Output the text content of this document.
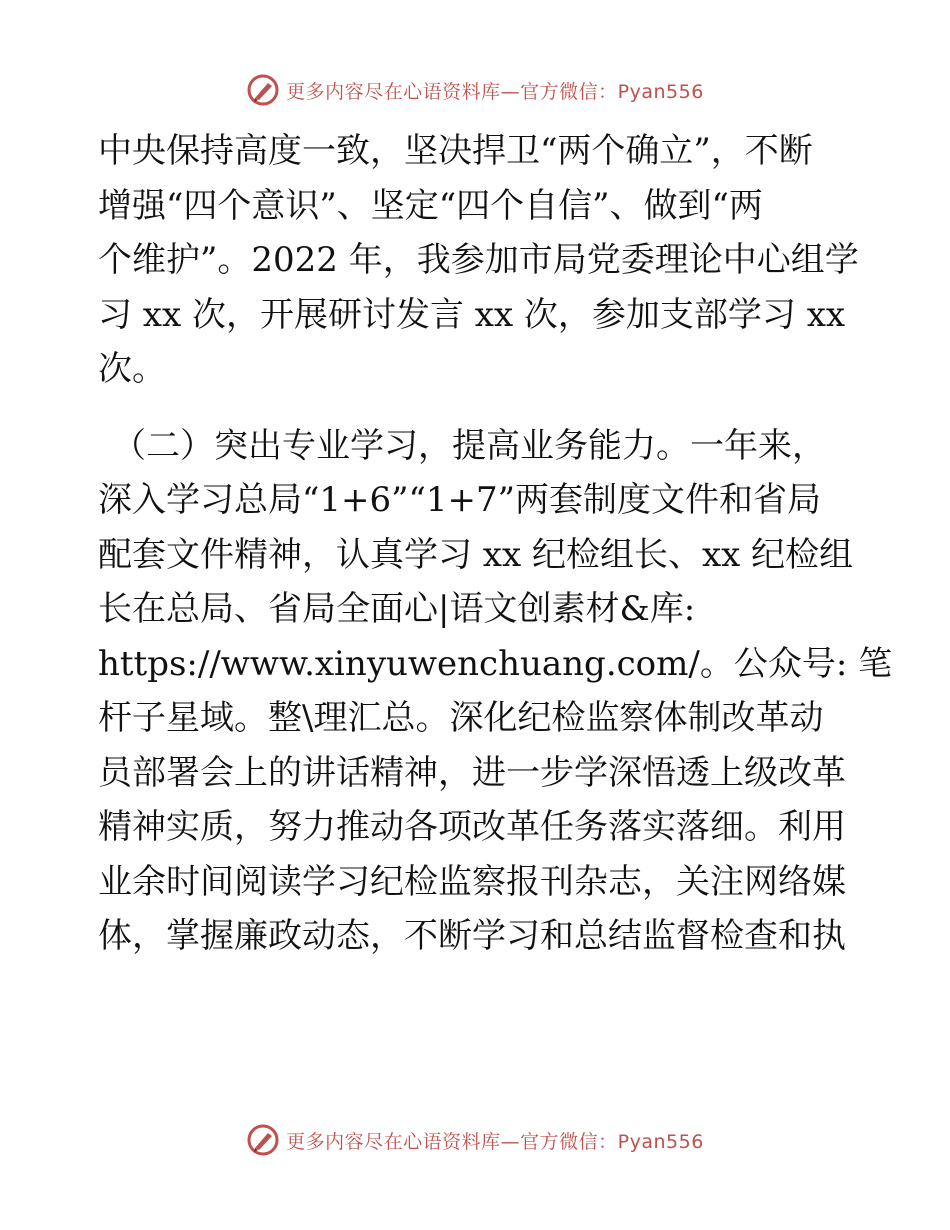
更多内容尽在心语资料库—官方微信：Pyan556

中央保持高度一致，坚决捍卫“两个确立”，不断
增强“四个意识”、坚定“四个自信”、做到“两
个维护”。2022 年，我参加市局党委理论中心组学
习 xx 次，开展研讨发言 xx 次，参加支部学习 xx
次。

（二）突出专业学习，提高业务能力。一年来，
深入学习总局“1+6”“1+7”两套制度文件和省局
配套文件精神，认真学习 xx 纪检组长、xx 纪检组
长在总局、省局全面心|语文创素材&库:
https://www.xinyuwenchuang.com/。公众号: 笔
杆子星域。整\理汇总。深化纪检监察体制改革动
员部署会上的讲话精神，进一步学深悟透上级改革
精神实质，努力推动各项改革任务落实落细。利用
业余时间阅读学习纪检监察报刊杂志，关注网络媒
体，掌握廉政动态，不断学习和总结监督检查和执

更多内容尽在心语资料库—官方微信：Pyan556
